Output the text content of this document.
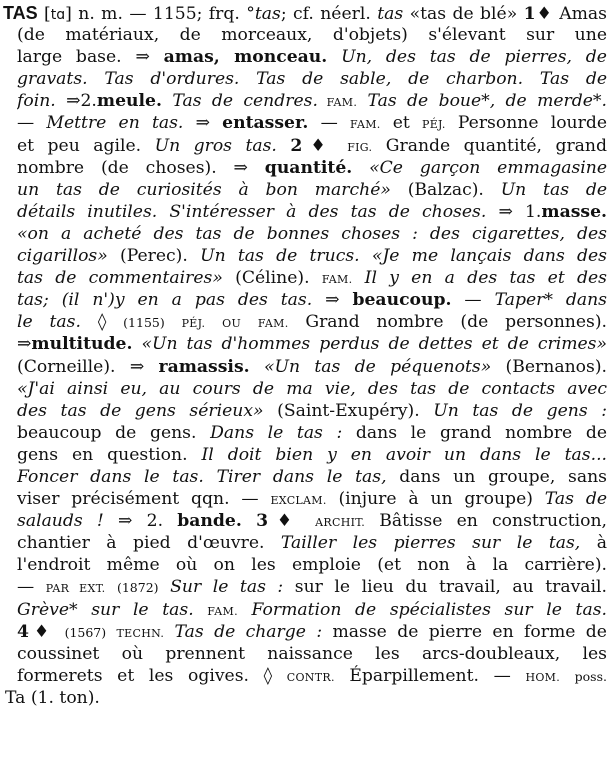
TAS [tɑ] n. m. — 1155; frq. °tas; cf. néerl. tas «tas de blé» 1♦ Amas
(de matériaux, de morceaux, d'objets) s'élevant sur une
large base. ⇒ amas, monceau. Un, des tas de pierres, de
gravats. Tas d'ordures. Tas de sable, de charbon. Tas de
foin. ⇒2.meule. Tas de cendres. FAM. Tas de boue*, de merde*.
— Mettre en tas. ⇒ entasser. — FAM. et PÉJ. Personne lourde
et peu agile. Un gros tas. 2♦ FIG. Grande quantité, grand
nombre (de choses). ⇒ quantité. «Ce garçon emmagasine
un tas de curiosités à bon marché» (Balzac). Un tas de
détails inutiles. S'intéresser à des tas de choses. ⇒ 1.masse.
«on a acheté des tas de bonnes choses : des cigarettes, des
cigarillos» (Perec). Un tas de trucs. «Je me lançais dans des
tas de commentaires» (Céline). FAM. Il y en a des tas et des
tas; (il n')y en a pas des tas. ⇒ beaucoup. — Taper* dans
le tas. ◊ (1155) PÉJ. OU FAM. Grand nombre (de personnes).
⇒multitude. «Un tas d'hommes perdus de dettes et de crimes»
(Corneille). ⇒ ramassis. «Un tas de péquenots» (Bernanos).
«J'ai ainsi eu, au cours de ma vie, des tas de contacts avec
des tas de gens sérieux» (Saint-Exupéry). Un tas de gens :
beaucoup de gens. Dans le tas : dans le grand nombre de
gens en question. Il doit bien y en avoir un dans le tas...
Foncer dans le tas. Tirer dans le tas, dans un groupe, sans
viser précisément qqn. — EXCLAM. (injure à un groupe) Tas de
salauds ! ⇒ 2. bande. 3♦ ARCHIT. Bâtisse en construction,
chantier à pied d'œuvre. Tailler les pierres sur le tas, à
l'endroit même où on les emploie (et non à la carrière).
— PAR EXT. (1872) Sur le tas : sur le lieu du travail, au travail.
Grève* sur le tas. FAM. Formation de spécialistes sur le tas.
4♦ (1567) TECHN. Tas de charge : masse de pierre en forme de
coussinet où prennent naissance les arcs-doubleaux, les
formerets et les ogives. ◊ CONTR. Éparpillement. — HOM. poss.
Ta (1. ton).
